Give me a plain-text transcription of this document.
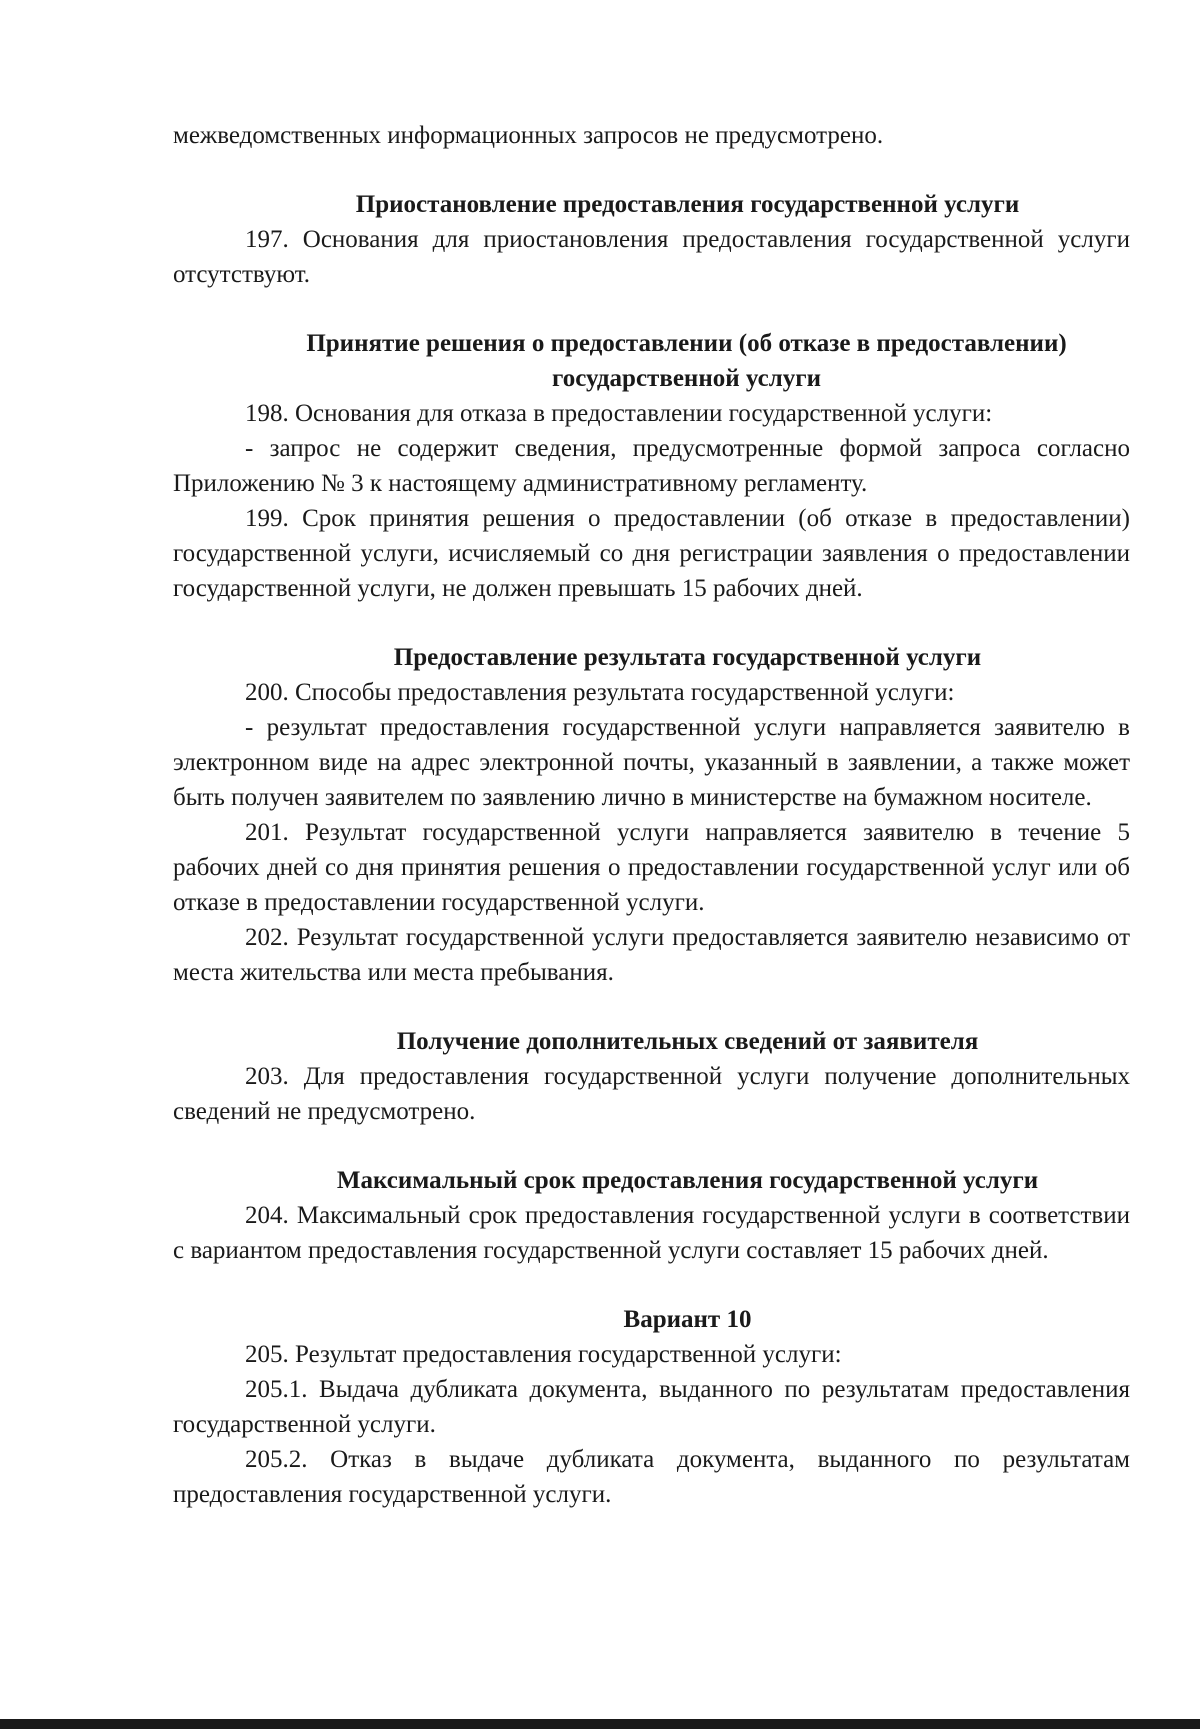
межведомственных информационных запросов не предусмотрено.

Приостановление предоставления государственной услуги

197. Основания для приостановления предоставления государственной услуги отсутствуют.

Принятие решения о предоставлении (об отказе в предоставлении) государственной услуги

198. Основания для отказа в предоставлении государственной услуги:

- запрос не содержит сведения, предусмотренные формой запроса согласно Приложению № 3 к настоящему административному регламенту.

199. Срок принятия решения о предоставлении (об отказе в предоставлении) государственной услуги, исчисляемый со дня регистрации заявления о предоставлении государственной услуги, не должен превышать 15 рабочих дней.

Предоставление результата государственной услуги

200. Способы предоставления результата государственной услуги:

- результат предоставления государственной услуги направляется заявителю в электронном виде на адрес электронной почты, указанный в заявлении, а также может быть получен заявителем по заявлению лично в министерстве на бумажном носителе.

201. Результат государственной услуги направляется заявителю в течение 5 рабочих дней со дня принятия решения о предоставлении государственной услуг или об отказе в предоставлении государственной услуги.

202. Результат государственной услуги предоставляется заявителю независимо от места жительства или места пребывания.

Получение дополнительных сведений от заявителя

203. Для предоставления государственной услуги получение дополнительных сведений не предусмотрено.

Максимальный срок предоставления государственной услуги

204. Максимальный срок предоставления государственной услуги в соответствии с вариантом предоставления государственной услуги составляет 15 рабочих дней.

Вариант 10

205. Результат предоставления государственной услуги:

205.1. Выдача дубликата документа, выданного по результатам предоставления государственной услуги.

205.2. Отказ в выдаче дубликата документа, выданного по результатам предоставления государственной услуги.
